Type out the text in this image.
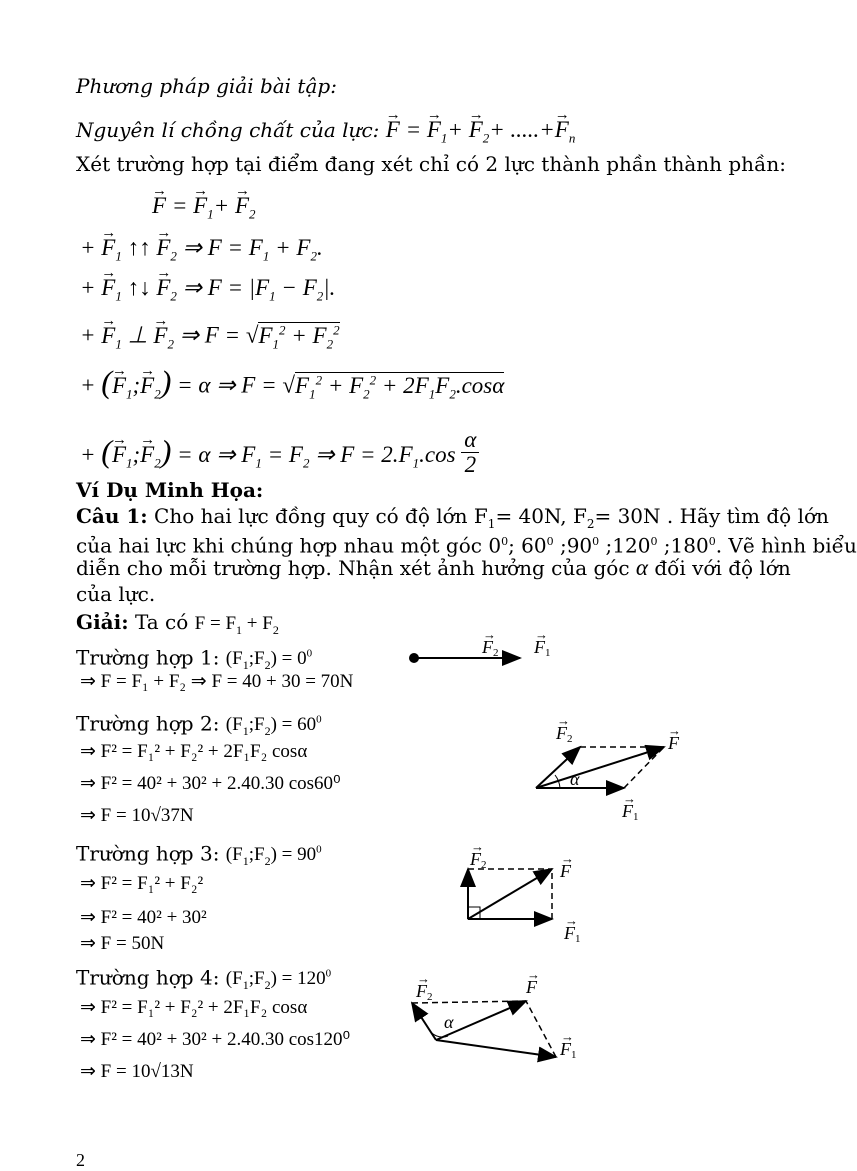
Phương pháp giải bài tập:
Nguyên lí chồng chất của lực: → F = → $F_1+ \to F_2+$ .....+→ $F_n$
Xét trường hợp tại điểm đang xét chỉ có 2 lực thành phần thành phần:
→ F = → $F_1+ \to F_2$
+ → $F_1$ ↑↑ → $F_2$ ⇒ $F = F_1 + F_2$.
+ → $F_1$ ↑↓ → $F_2$ ⇒ $F = |F_1 - F_2|$.
+ → $F_1$ ⊥ → $F_2$ ⇒ $F = √F_1^2 + F_2^2$
+ (→ $F_1;\to F_2) = \alpha$ ⇒ $F = √F_1^2 + F_2^2 + 2F_1F_2.\cos\alpha$
+ (→ $F_1;\to F_2) = \alpha$ ⇒ $F_1 = F_2$ ⇒ $F = 2.F_1.\cos \frac{\alpha}{2}$
Ví Dụ Minh Họa:
Câu 1: Cho hai lực đồng quy có độ lớn $F_1= 40N$, $F_2= 30N$ . Hãy tìm độ lớn
của hai lực khi chúng hợp nhau một góc $0^0$; $60^0$ $;90^0$ $;120^0$ $;180^0$. Vẽ hình biểu
diễn cho mỗi trường hợp. Nhận xét ảnh hưởng của góc α đối với độ lớn
của lực.
Giải: Ta có $F = F_1 + F_2$
Trường hợp 1: $(F_1;F_2) = 0^0$
⇒ F = F₁ + F₂ ⇒ F = 40 + 30 = 70N
Trường hợp 2: $(F_1;F_2) = 60^0$
⇒ F² = F₁² + F₂² + 2F₁F₂ cosα
⇒ F² = 40² + 30² + 2.40.30 cos60⁰
⇒ F = 10√37N
Trường hợp 3: $(F_1;F_2) = 90^0$
⇒ F² = F₁² + F₂²
⇒ F² = 40² + 30²
⇒ F = 50N
Trường hợp 4: $(F_1;F_2) = 120^0$
⇒ F² = F₁² + F₂² + 2F₁F₂ cosα
⇒ F² = 40² + 30² + 2.40.30 cos120⁰
⇒ F = 10√13N
F 2
→
F 1
→
α
F 2
→
F
→
F 1
→
F 2
→
F
→
F 1
→
α
F 2
→	F
→
F 1
→
2
